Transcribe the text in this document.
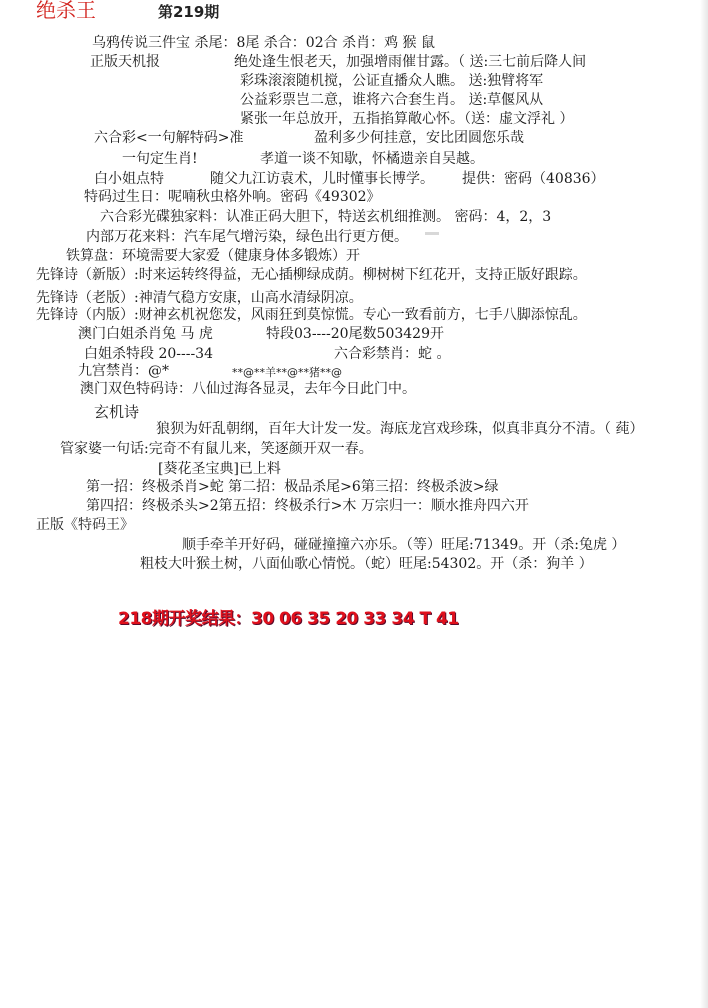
绝杀王	第219期
乌鸦传说三件宝 杀尾：8尾 杀合：02合 杀肖：鸡 猴 鼠
正版天机报	绝处逢生恨老天，加强增雨催甘露。（ 送:三七前后降人间
彩珠滚滚随机搅，公证直播众人瞧。 送:独臂将军
公益彩票岂二意，谁将六合套生肖。 送:草偃风从
紧张一年总放开，五指掐算敞心怀。（送：虚文浮礼 ）
六合彩<一句解特码>准	盈利多少何挂意，安比团圆您乐哉
一句定生肖!	孝道一谈不知歇，怀橘遗亲自吴越。
白小姐点特	随父九江访袁术，儿时懂事长博学。 提供：密码（40836）
特码过生日：呢喃秋虫格外响。密码《49302》
六合彩光碟独家料：认准正码大胆下，特送玄机细推测。 密码：4，2，3
内部万花来料：汽车尾气增污染，绿色出行更方便。
铁算盘：环境需要大家爱（健康身体多锻炼）开
先锋诗（新版）:时来运转终得益，无心插柳绿成荫。柳树树下红花开，支持正版好跟踪。
先锋诗（老版）:神清气稳方安康，山高水清绿阴凉。
先锋诗（内版）:财神玄机祝您发，风雨狂到莫惊慌。专心一致看前方，七手八脚添惊乱。
澳门白姐杀肖兔 马 虎	特段03----20尾数503429开
白姐杀特段 20----34	六合彩禁肖：蛇 。
九宫禁肖：@*	**@**羊**@**猪**@
澳门双色特码诗：八仙过海各显灵，去年今日此门中。
玄机诗
狼狈为奸乱朝纲，百年大计发一发。海底龙宫戏珍珠，似真非真分不清。（ 莼）
管家婆一句话:完奇不有鼠儿来，笑逐颜开双一春。
[葵花圣宝典]已上料
第一招：终极杀肖>蛇 第二招：极品杀尾>6第三招：终极杀波>绿
第四招：终极杀头>2第五招：终极杀行>木 万宗归一：顺水推舟四六开
正版《特码王》
顺手牵羊开好码，碰碰撞撞六亦乐。（等）旺尾:71349。开（杀:兔虎 ）
粗枝大叶猴土树，八面仙歌心情悦。（蛇）旺尾:54302。开（杀：狗羊 ）
218期开奖结果：30 06 35 20 33 34 T 41
